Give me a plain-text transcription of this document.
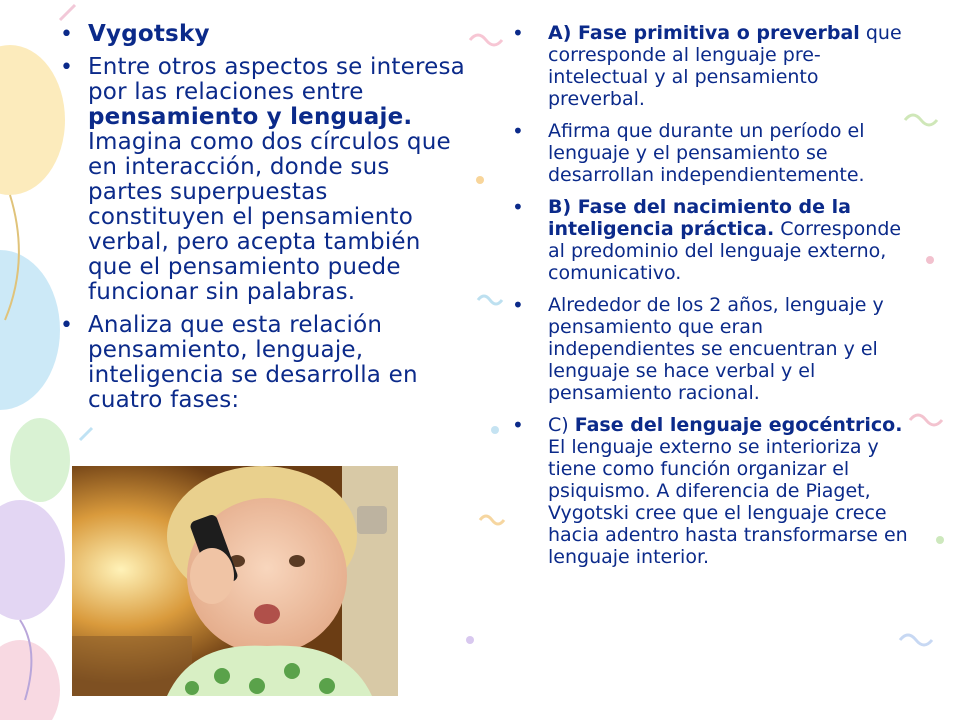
• Vygotsky
• Entre otros aspectos se interesa por las relaciones entre pensamiento y lenguaje. Imagina como dos círculos que en interacción, donde sus partes superpuestas constituyen el pensamiento verbal, pero acepta también que el pensamiento puede funcionar sin palabras.
• Analiza que esta relación pensamiento, lenguaje, inteligencia se desarrolla en cuatro fases:
• A) Fase primitiva o preverbal que corresponde al lenguaje pre-intelectual y al pensamiento preverbal.
• Afirma que durante un período el lenguaje y el pensamiento se desarrollan independientemente.
• B) Fase del nacimiento de la inteligencia práctica. Corresponde al predominio del lenguaje externo, comunicativo.
• Alrededor de los 2 años, lenguaje y pensamiento que eran independientes se encuentran y el lenguaje se hace verbal y el pensamiento racional.
• C) Fase del lenguaje egocéntrico. El lenguaje externo se interioriza y tiene como función organizar el psiquismo. A diferencia de Piaget, Vygotski cree que el lenguaje crece hacia adentro hasta transformarse en lenguaje interior.
